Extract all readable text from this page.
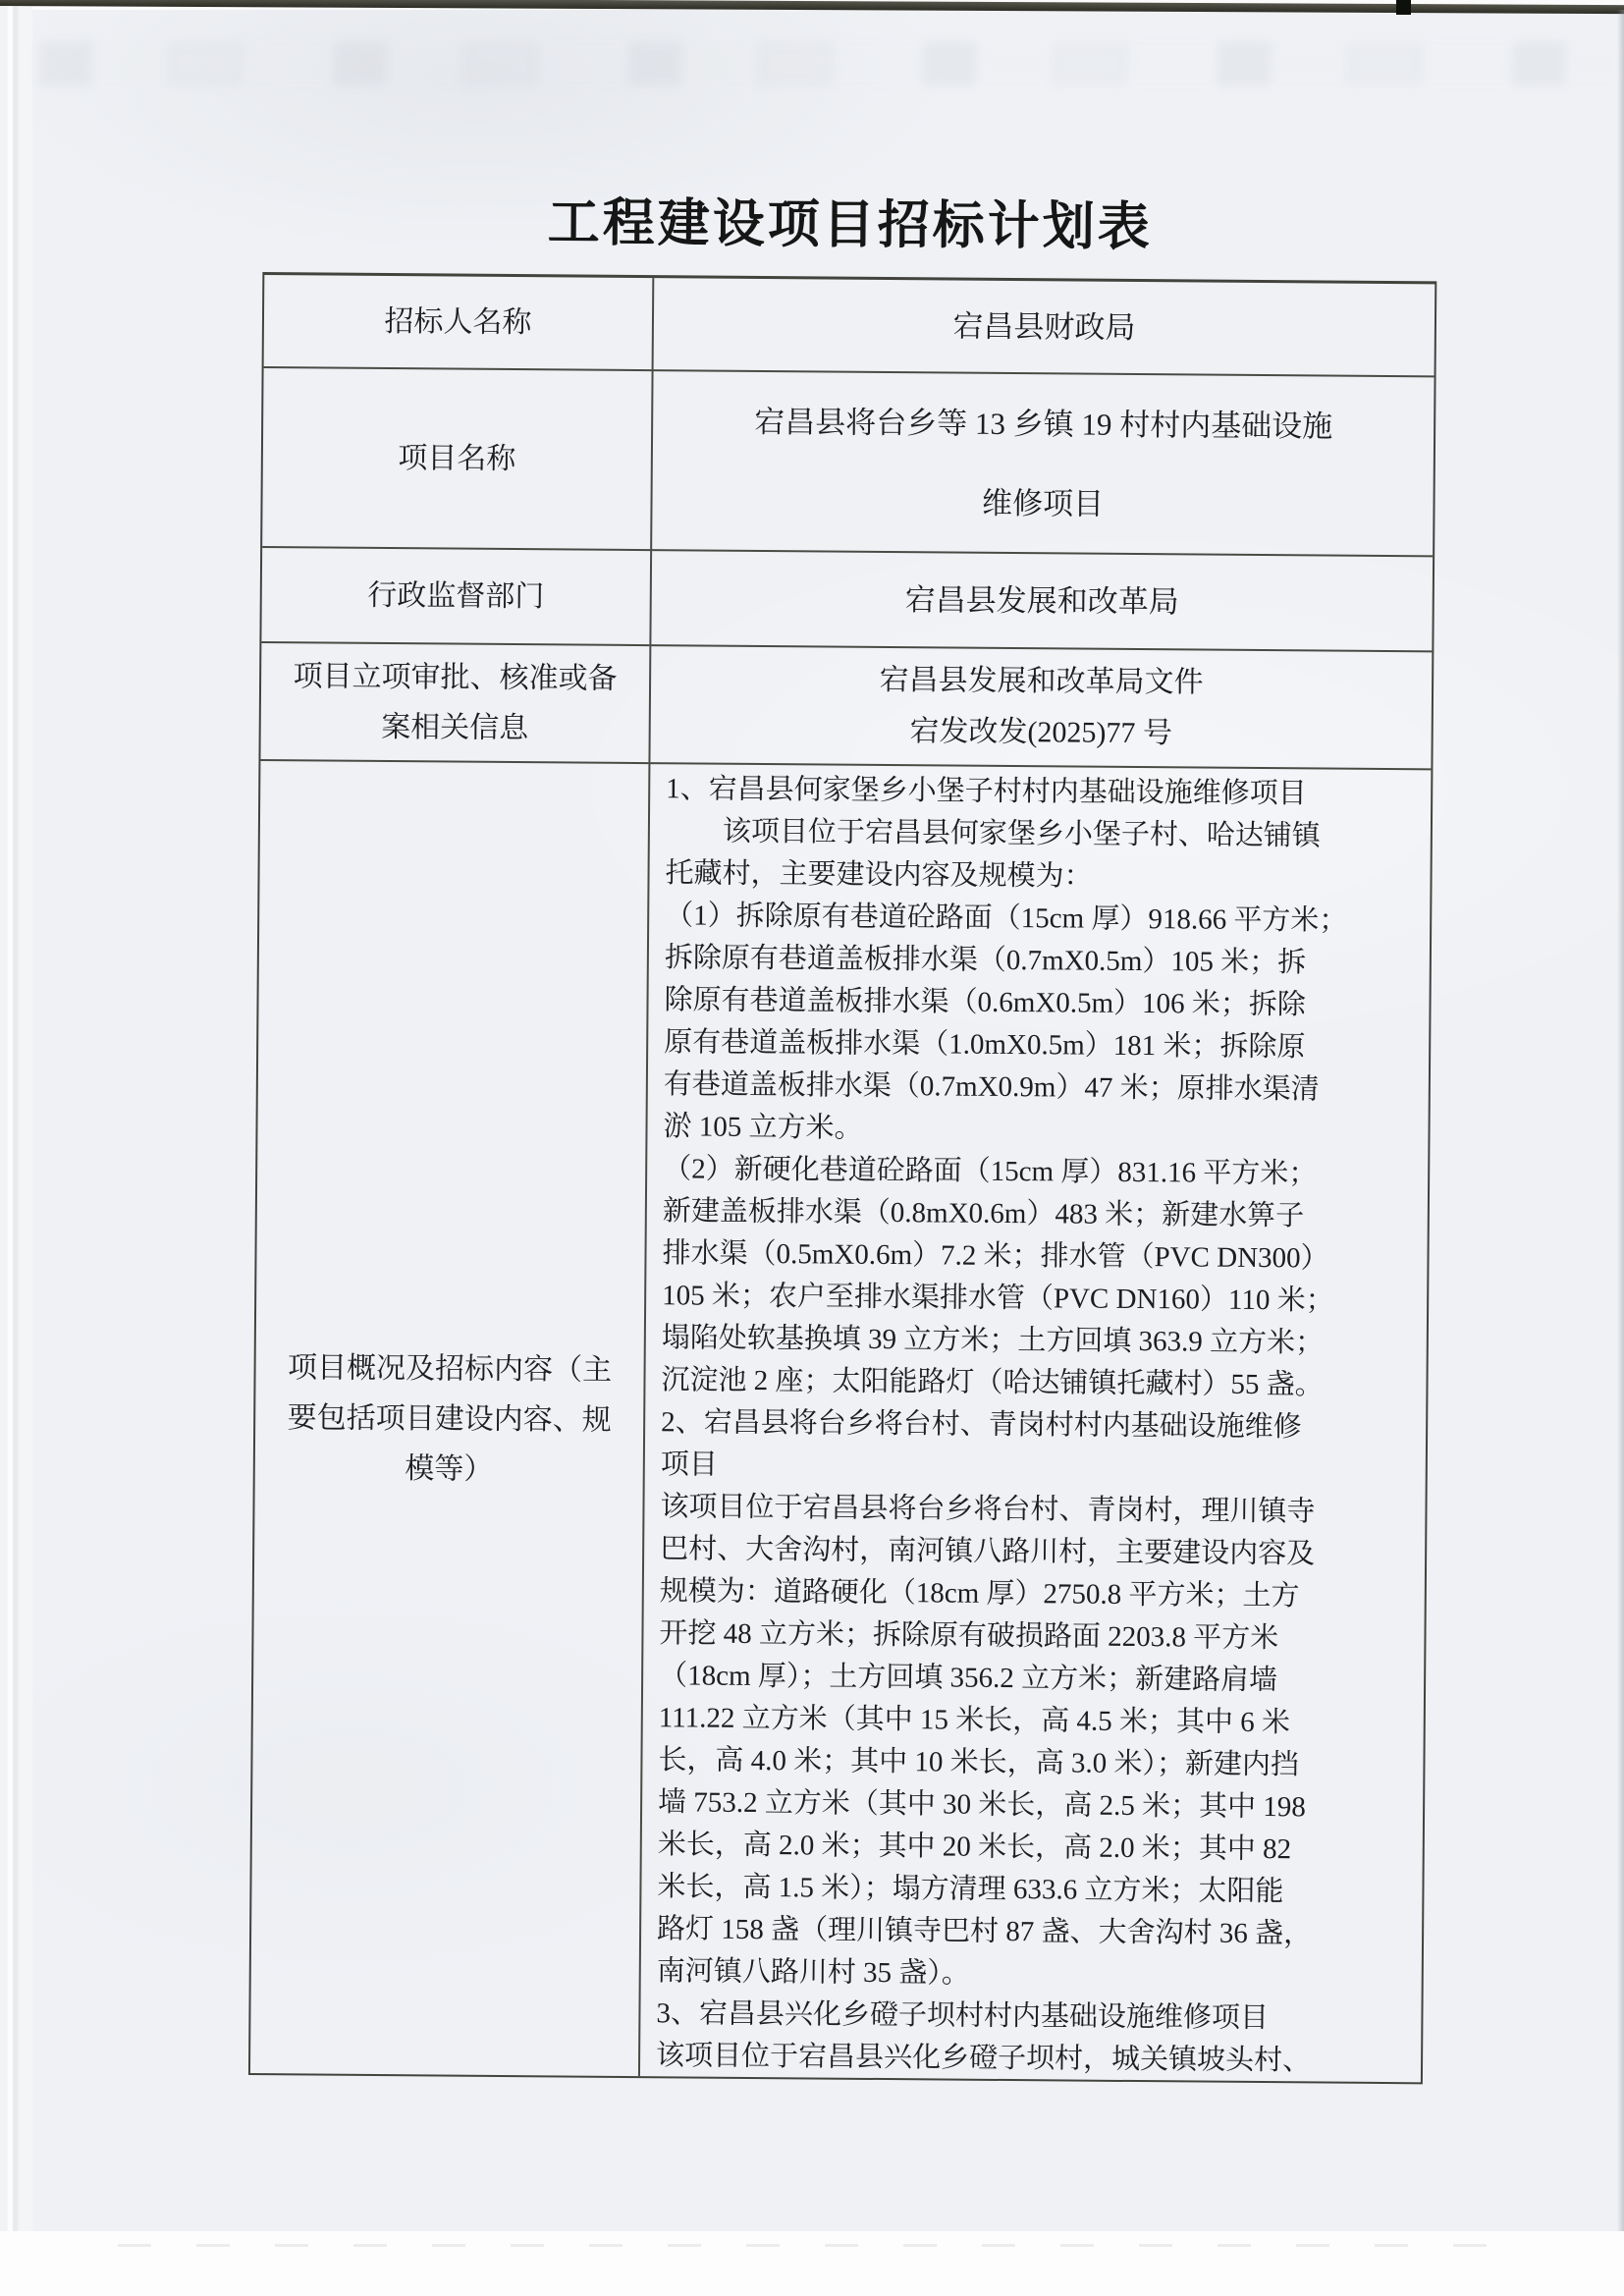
工程建设项目招标计划表
招标人名称	宕昌县财政局
项目名称
宕昌县将台乡等 13 乡镇 19 村村内基础设施
维修项目
行政监督部门	宕昌县发展和改革局
项目立项审批、核准或备
案相关信息
宕昌县发展和改革局文件
宕发改发(2025)77 号
项目概况及招标内容（主
要包括项目建设内容、规
模等）
1、宕昌县何家堡乡小堡子村村内基础设施维修项目
　　该项目位于宕昌县何家堡乡小堡子村、哈达铺镇
托藏村，主要建设内容及规模为：
（1）拆除原有巷道砼路面（15cm 厚）918.66 平方米；
拆除原有巷道盖板排水渠（0.7mX0.5m）105 米；拆
除原有巷道盖板排水渠（0.6mX0.5m）106 米；拆除
原有巷道盖板排水渠（1.0mX0.5m）181 米；拆除原
有巷道盖板排水渠（0.7mX0.9m）47 米；原排水渠清
淤 105 立方米。
（2）新硬化巷道砼路面（15cm 厚）831.16 平方米；
新建盖板排水渠（0.8mX0.6m）483 米；新建水箅子
排水渠（0.5mX0.6m）7.2 米；排水管（PVC DN300）
105 米；农户至排水渠排水管（PVC DN160）110 米；
塌陷处软基换填 39 立方米；土方回填 363.9 立方米；
沉淀池 2 座；太阳能路灯（哈达铺镇托藏村）55 盏。
2、宕昌县将台乡将台村、青岗村村内基础设施维修
项目
该项目位于宕昌县将台乡将台村、青岗村，理川镇寺
巴村、大舍沟村，南河镇八路川村，主要建设内容及
规模为：道路硬化（18cm 厚）2750.8 平方米；土方
开挖 48 立方米；拆除原有破损路面 2203.8 平方米
（18cm 厚）；土方回填 356.2 立方米；新建路肩墙
111.22 立方米（其中 15 米长，高 4.5 米；其中 6 米
长，高 4.0 米；其中 10 米长，高 3.0 米）；新建内挡
墙 753.2 立方米（其中 30 米长，高 2.5 米；其中 198
米长，高 2.0 米；其中 20 米长，高 2.0 米；其中 82
米长，高 1.5 米）；塌方清理 633.6 立方米；太阳能
路灯 158 盏（理川镇寺巴村 87 盏、大舍沟村 36 盏，
南河镇八路川村 35 盏）。
3、宕昌县兴化乡磴子坝村村内基础设施维修项目
该项目位于宕昌县兴化乡磴子坝村，城关镇坡头村、
